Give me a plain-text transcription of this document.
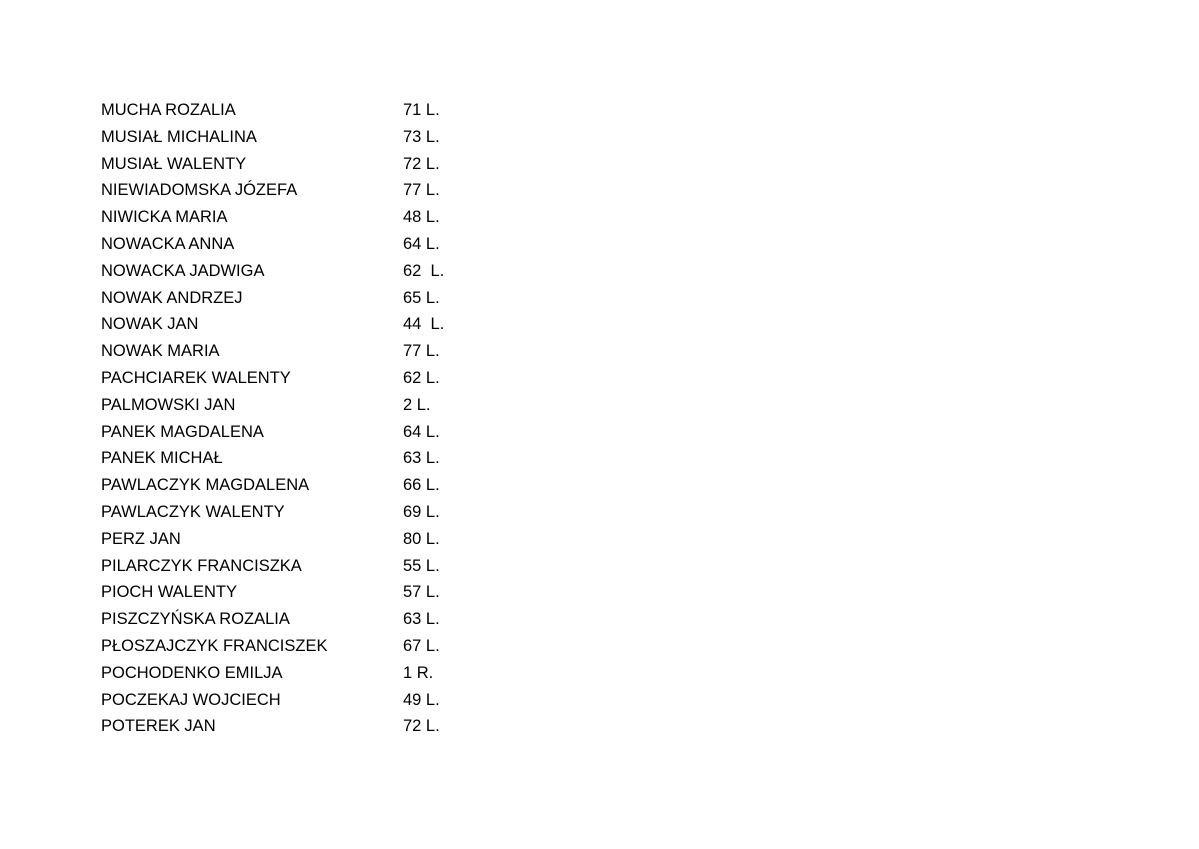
MUCHA ROZALIA	71 L.
MUSIAŁ MICHALINA	73 L.
MUSIAŁ WALENTY	72 L.
NIEWIADOMSKA JÓZEFA	77 L.
NIWICKA MARIA	48 L.
NOWACKA ANNA	64 L.
NOWACKA JADWIGA	62  L.
NOWAK ANDRZEJ	65 L.
NOWAK JAN	44  L.
NOWAK MARIA	77 L.
PACHCIAREK WALENTY	62 L.
PALMOWSKI JAN	2 L.
PANEK MAGDALENA	64 L.
PANEK MICHAŁ	63 L.
PAWLACZYK MAGDALENA	66 L.
PAWLACZYK WALENTY	69 L.
PERZ JAN	80 L.
PILARCZYK FRANCISZKA	55 L.
PIOCH WALENTY	57 L.
PISZCZYŃSKA ROZALIA	63 L.
PŁOSZAJCZYK FRANCISZEK	67 L.
POCHODENKO EMILJA	1 R.
POCZEKAJ WOJCIECH	49 L.
POTEREK JAN	72 L.
